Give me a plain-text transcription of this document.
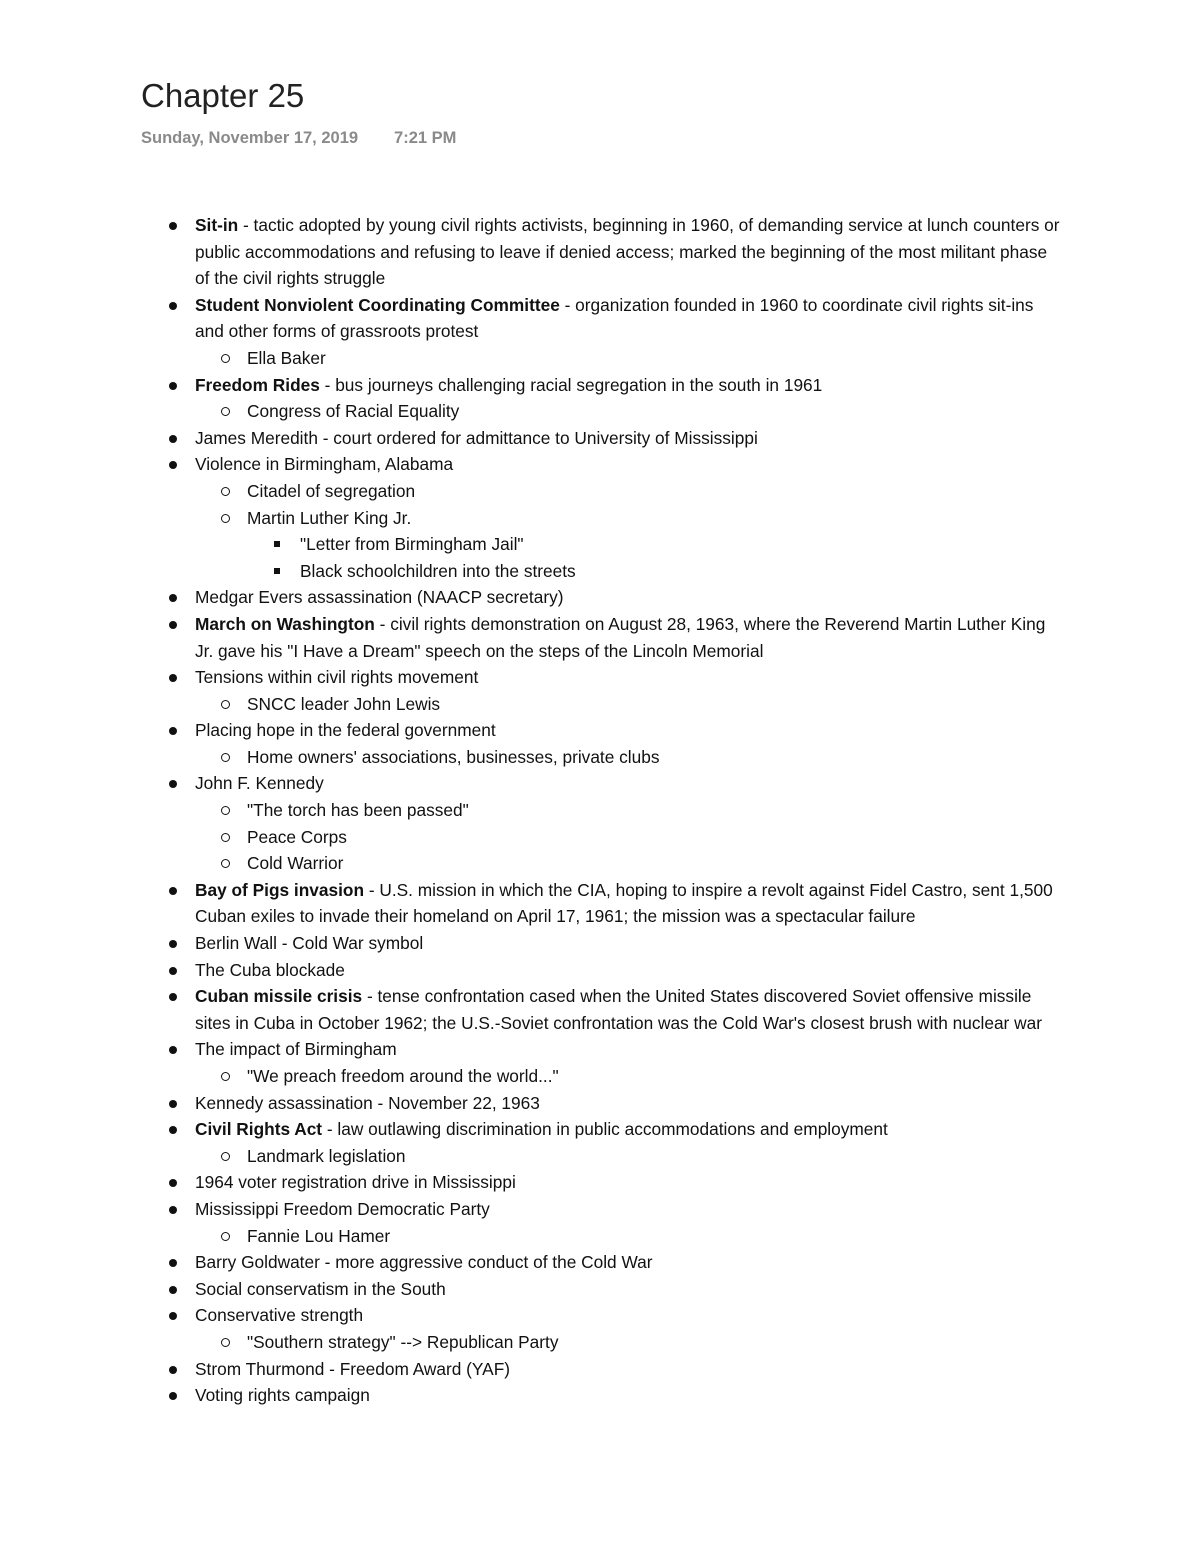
Chapter 25
Sunday, November 17, 2019 7:21 PM
Sit-in - tactic adopted by young civil rights activists, beginning in 1960, of demanding service at lunch counters or public accommodations and refusing to leave if denied access; marked the beginning of the most militant phase of the civil rights struggle
Student Nonviolent Coordinating Committee - organization founded in 1960 to coordinate civil rights sit-ins and other forms of grassroots protest
Ella Baker
Freedom Rides - bus journeys challenging racial segregation in the south in 1961
Congress of Racial Equality
James Meredith - court ordered for admittance to University of Mississippi
Violence in Birmingham, Alabama
Citadel of segregation
Martin Luther King Jr.
"Letter from Birmingham Jail"
Black schoolchildren into the streets
Medgar Evers assassination (NAACP secretary)
March on Washington - civil rights demonstration on August 28, 1963, where the Reverend Martin Luther King Jr. gave his "I Have a Dream" speech on the steps of the Lincoln Memorial
Tensions within civil rights movement
SNCC leader John Lewis
Placing hope in the federal government
Home owners' associations, businesses, private clubs
John F. Kennedy
"The torch has been passed"
Peace Corps
Cold Warrior
Bay of Pigs invasion - U.S. mission in which the CIA, hoping to inspire a revolt against Fidel Castro, sent 1,500 Cuban exiles to invade their homeland on April 17, 1961; the mission was a spectacular failure
Berlin Wall - Cold War symbol
The Cuba blockade
Cuban missile crisis - tense confrontation cased when the United States discovered Soviet offensive missile sites in Cuba in October 1962; the U.S.-Soviet confrontation was the Cold War's closest brush with nuclear war
The impact of Birmingham
"We preach freedom around the world..."
Kennedy assassination - November 22, 1963
Civil Rights Act - law outlawing discrimination in public accommodations and employment
Landmark legislation
1964 voter registration drive in Mississippi
Mississippi Freedom Democratic Party
Fannie Lou Hamer
Barry Goldwater - more aggressive conduct of the Cold War
Social conservatism in the South
Conservative strength
"Southern strategy" --> Republican Party
Strom Thurmond - Freedom Award (YAF)
Voting rights campaign
